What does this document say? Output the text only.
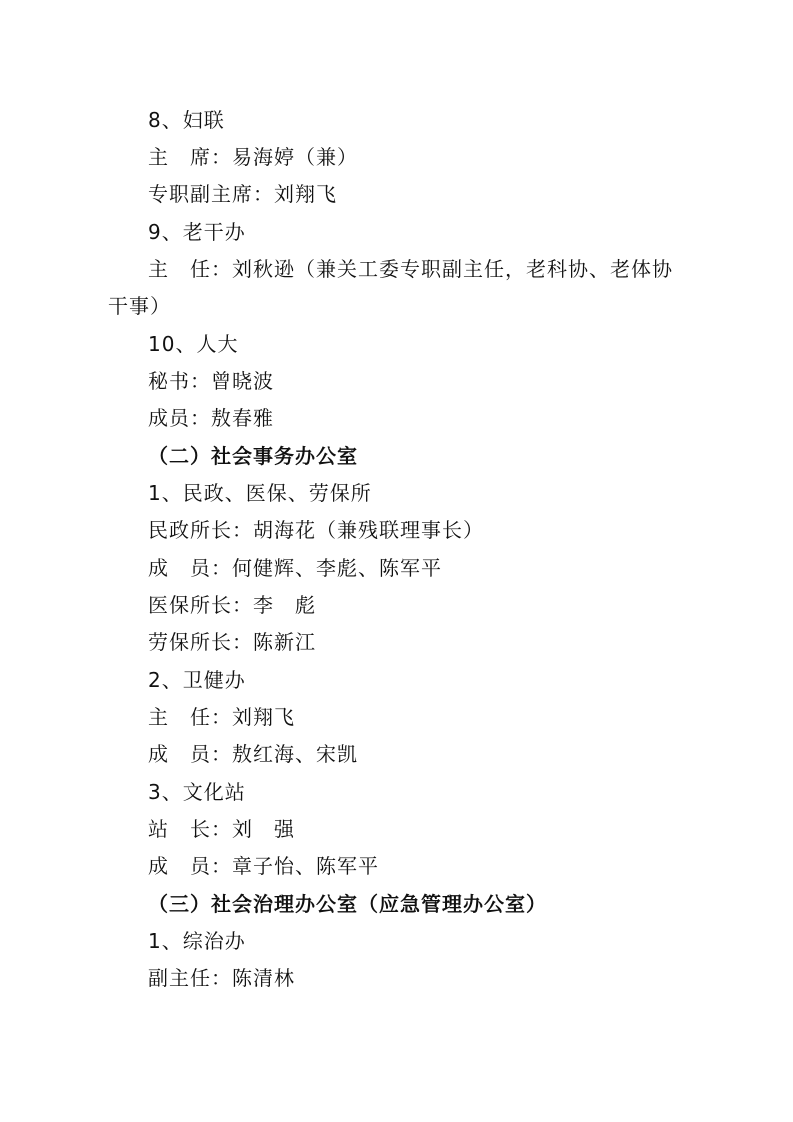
8、妇联
主　席：易海婷（兼）
专职副主席：刘翔飞
9、老干办
主　任：刘秋逊（兼关工委专职副主任，老科协、老体协
干事）
10、人大
秘书：曾晓波
成员：敖春雅
（二）社会事务办公室
1、民政、医保、劳保所
民政所长：胡海花（兼残联理事长）
成　员：何健辉、李彪、陈军平
医保所长：李　彪
劳保所长：陈新江
2、卫健办
主　任：刘翔飞
成　员：敖红海、宋凯
3、文化站
站　长：刘　强
成　员：章子怡、陈军平
（三）社会治理办公室（应急管理办公室）
1、综治办
副主任：陈清林
